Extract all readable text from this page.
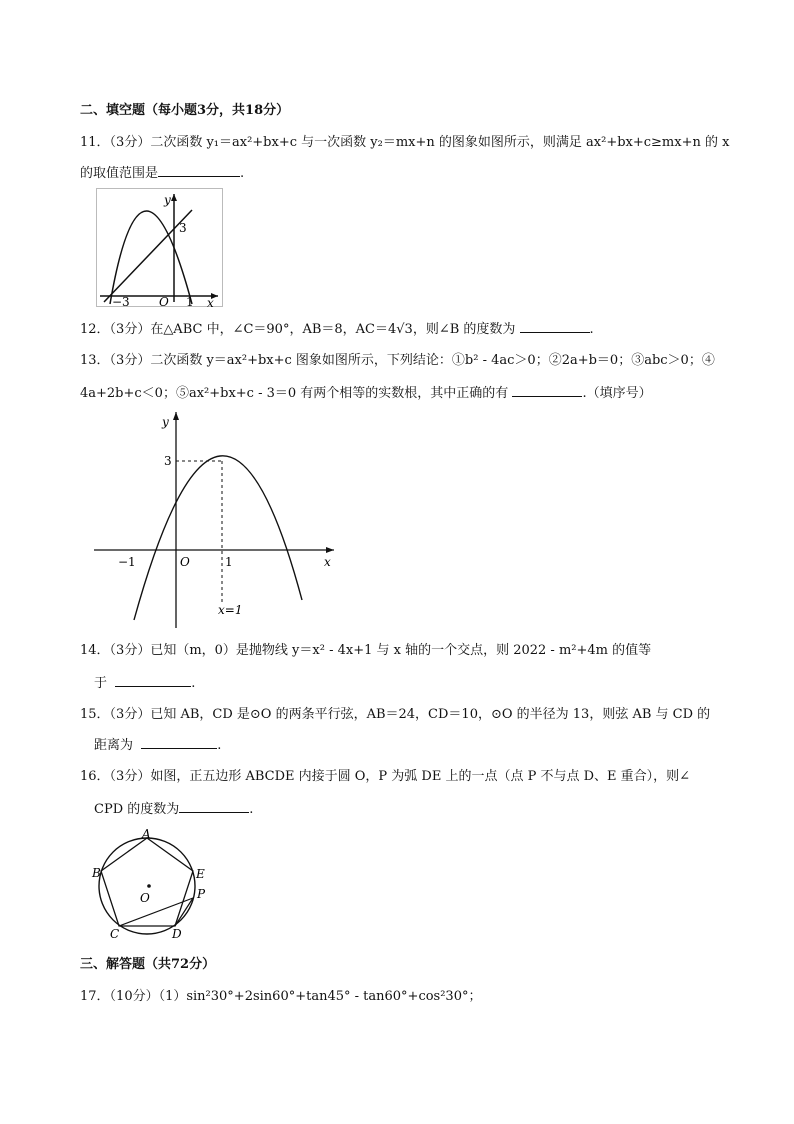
二、填空题（每小题3分，共18分）
11．（3分）二次函数 y₁＝ax²+bx+c 与一次函数 y₂＝mx+n 的图象如图所示，则满足 ax²+bx+c≥mx+n 的 x
的取值范围是	.
y
x
3
−3 O 1
12．（3分）在△ABC 中，∠C＝90°，AB＝8，AC＝4√3，则∠B 的度数为	.
13．（3分）二次函数 y＝ax²+bx+c 图象如图所示，下列结论：①b² - 4ac＞0；②2a+b＝0；③abc＞0；④
4a+2b+c＜0；⑤ax²+bx+c - 3＝0 有两个相等的实数根，其中正确的有	.（填序号）
y
x
3
−1	O	1
x=1
14．（3分）已知（m，0）是抛物线 y＝x² - 4x+1 与 x 轴的一个交点，则 2022 - m²+4m 的值等
于	.
15．（3分）已知 AB，CD 是⊙O 的两条平行弦，AB＝24，CD＝10，⊙O 的半径为 13，则弦 AB 与 CD 的
距离为	.
16．（3分）如图，正五边形 ABCDE 内接于圆 O，P 为弧 DE 上的一点（点 P 不与点 D、E 重合），则∠
CPD 的度数为	.
A
B
C	D
E
P
O
三、解答题（共72分）
17．（10分）（1）sin²30°+2sin60°+tan45° - tan60°+cos²30°；
